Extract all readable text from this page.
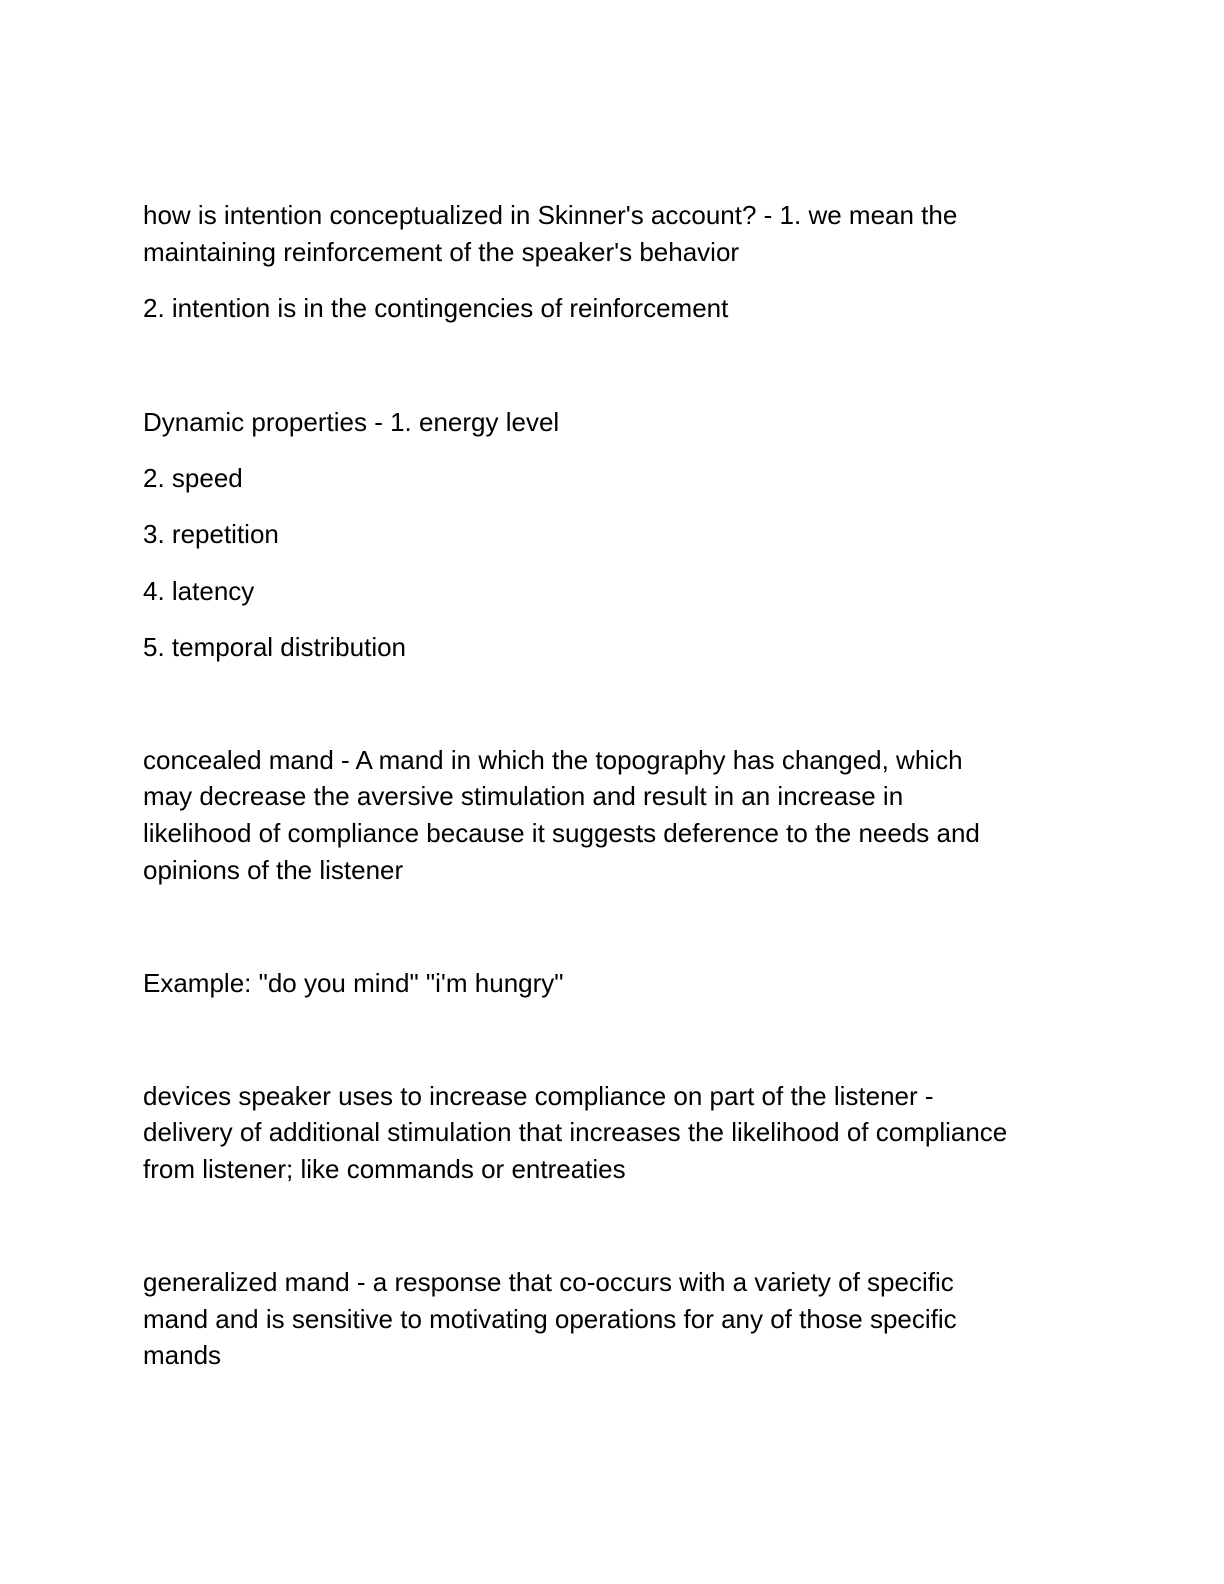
how is intention conceptualized in Skinner's account? - 1. we mean the

maintaining reinforcement of the speaker's behavior

2. intention is in the contingencies of reinforcement

Dynamic properties - 1. energy level

2. speed

3. repetition

4. latency

5. temporal distribution

concealed mand - A mand in which the topography has changed, which

may decrease the aversive stimulation and result in an increase in

likelihood of compliance because it suggests deference to the needs and

opinions of the listener

Example: "do you mind" "i'm hungry"

devices speaker uses to increase compliance on part of the listener -

delivery of additional stimulation that increases the likelihood of compliance

from listener; like commands or entreaties

generalized mand - a response that co-occurs with a variety of specific

mand and is sensitive to motivating operations for any of those specific

mands
